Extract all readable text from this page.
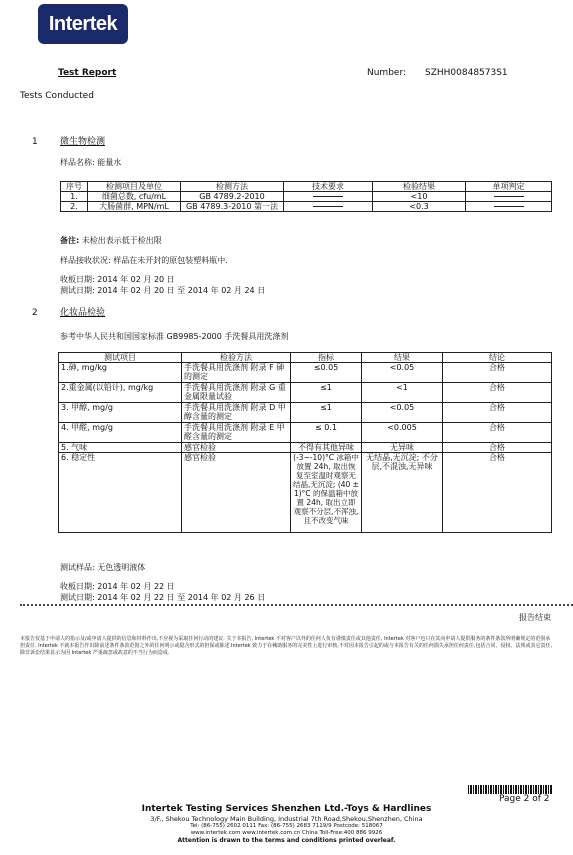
Intertek
Test Report	Number: SZHH00848573S1
Tests Conducted
1 微生物检测
样品名称: 能量水
序号	检测项目及单位	检测方法	技术要求	检验结果	单项判定
1.	细菌总数, cfu/mL	GB 4789.2-2010		<10	
2.	大肠菌群, MPN/mL	GB 4789.3-2010 第一法		<0.3	
备注: 未检出表示低于检出限
样品接收状况: 样品在未开封的原包装塑料瓶中.
收板日期: 2014 年 02 月 20 日
测试日期: 2014 年 02 月 20 日 至 2014 年 02 月 24 日
2 化妆品检验
参考中华人民共和国国家标准 GB9985-2000 手洗餐具用洗涤剂
测试项目	检验方法	指标	结果	结论
1.砷, mg/kg	手洗餐具用洗涤剂 附录 F 砷的测定	≤0.05	<0.05	合格
2.重金属(以铅计), mg/kg	手洗餐具用洗涤剂 附录 G 重金属限量试验	≤1	<1	合格
3. 甲醇, mg/g	手洗餐具用洗涤剂 附录 D 甲醇含量的测定	≤1	<0.05	合格
4. 甲醛, mg/g	手洗餐具用洗涤剂 附录 E 甲醛含量的测定	≤ 0.1	<0.005	合格
5. 气味	感官检验	不得有其他异味	无异味	合格
6. 稳定性	感官检验	(-3~-10)°C 冰箱中放置 24h, 取出恢复至室温时观察无结晶,无沉淀; (40 ± 1)°C 的保温箱中放置 24h, 取出立即观察不分层,不浑浊,且不改变气味	无结晶,无沉淀; 不分层,不混浊,无异味	合格
测试样品: 无色透明液体
收板日期: 2014 年 02 月 22 日
测试日期: 2014 年 02 月 22 日 至 2014 年 02 月 26 日
报告结束
本报告仅基于申请人的指示及/或申请人提供的信息和材料作出,不应视为采取任何行动的建议. 关于本报告, Intertek 不对客户以外的任何人负有谨慎责任或其他责任, Intertek 对客户也只在其向申请人提供服务的条件条款所明确规定的范围承担责任. Intertek 不就本报告作出除前述条件条款范围之外的任何明示或隐含形式的担保或陈述.Intertek 致力于在赖助服务的完美性上进行审核,不对因本报告引起的或与本报告有关的任何损失承担任何责任,包括合同、侵权、法规或其它责任,除非诉讼结果显示为因 Intertek 严重疏忽或故意的不当行为而造成.
Page 2 of 2
Intertek Testing Services Shenzhen Ltd.-Toys & Hardlines
3/F., Shekou Technology Main Building, Industrial 7th Road,Shekou,Shenzhen, China
Tel: (86-755) 2602 0111 Fax: (86-755) 2683 7119/9 Postcode: 518067
www.intertek.com www.intertek.com.cn China Toll-Free:400 886 9926
Attention is drawn to the terms and conditions printed overleaf.
